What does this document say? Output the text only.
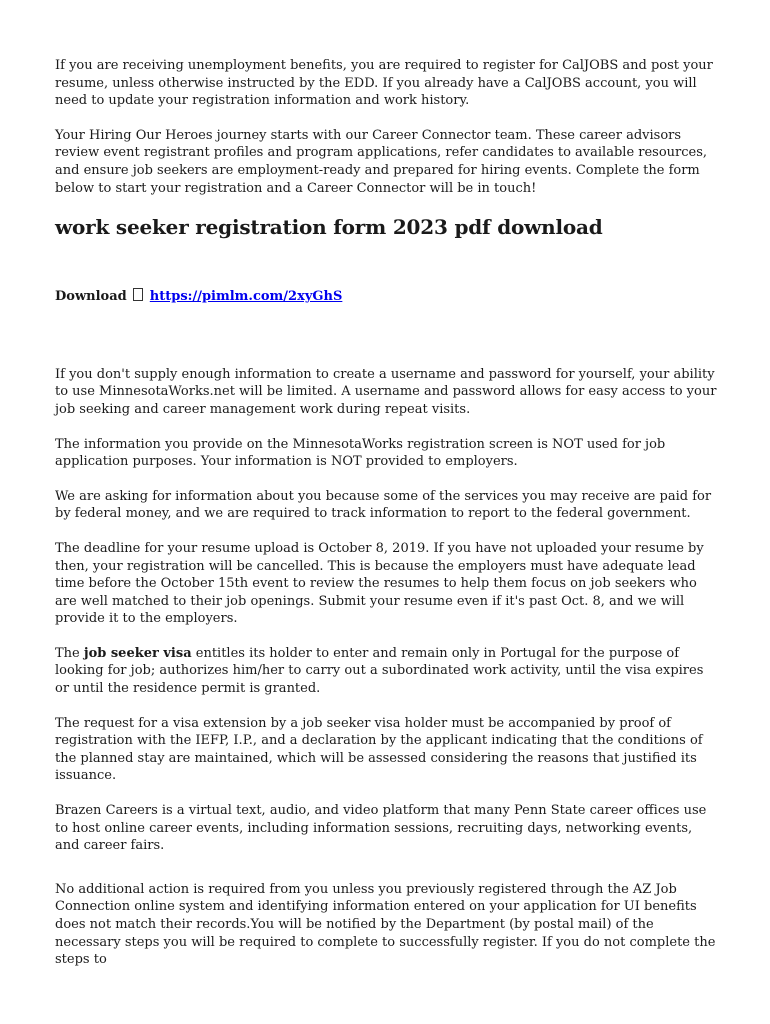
If you are receiving unemployment benefits, you are required to register for CalJOBS and post your resume, unless otherwise instructed by the EDD. If you already have a CalJOBS account, you will need to update your registration information and work history.

Your Hiring Our Heroes journey starts with our Career Connector team. These career advisors review event registrant profiles and program applications, refer candidates to available resources, and ensure job seekers are employment-ready and prepared for hiring events. Complete the form below to start your registration and a Career Connector will be in touch!

work seeker registration form 2023 pdf download
Download https://pimlm.com/2xyGhS

If you don't supply enough information to create a username and password for yourself, your ability to use MinnesotaWorks.net will be limited. A username and password allows for easy access to your job seeking and career management work during repeat visits.

The information you provide on the MinnesotaWorks registration screen is NOT used for job application purposes. Your information is NOT provided to employers.

We are asking for information about you because some of the services you may receive are paid for by federal money, and we are required to track information to report to the federal government.

The deadline for your resume upload is October 8, 2019. If you have not uploaded your resume by then, your registration will be cancelled. This is because the employers must have adequate lead time before the October 15th event to review the resumes to help them focus on job seekers who are well matched to their job openings. Submit your resume even if it's past Oct. 8, and we will provide it to the employers.

The job seeker visa entitles its holder to enter and remain only in Portugal for the purpose of looking for job; authorizes him/her to carry out a subordinated work activity, until the visa expires or until the residence permit is granted.

The request for a visa extension by a job seeker visa holder must be accompanied by proof of registration with the IEFP, I.P., and a declaration by the applicant indicating that the conditions of the planned stay are maintained, which will be assessed considering the reasons that justified its issuance.

Brazen Careers is a virtual text, audio, and video platform that many Penn State career offices use to host online career events, including information sessions, recruiting days, networking events, and career fairs.

No additional action is required from you unless you previously registered through the AZ Job Connection online system and identifying information entered on your application for UI benefits does not match their records.You will be notified by the Department (by postal mail) of the necessary steps you will be required to complete to successfully register. If you do not complete the steps to
